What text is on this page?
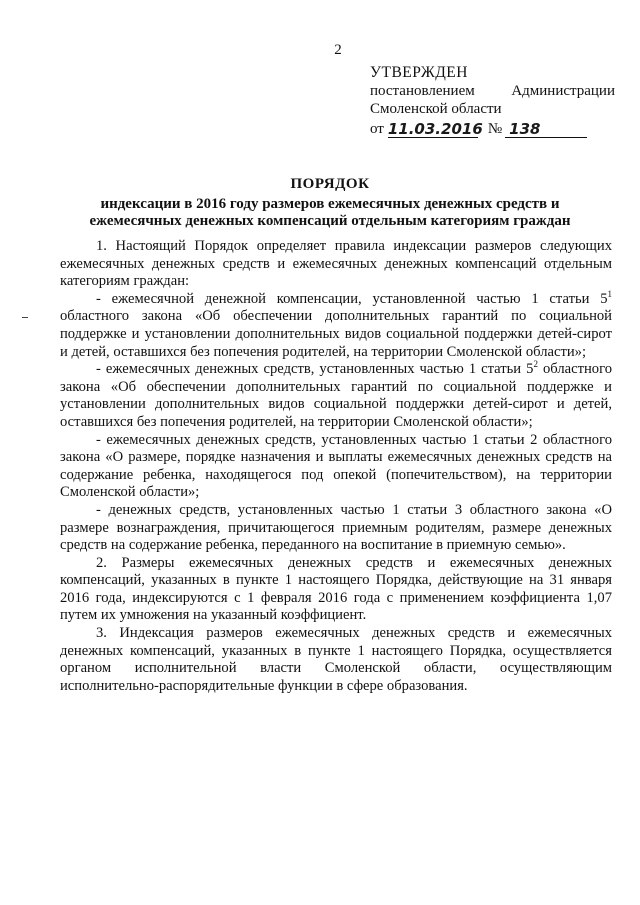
2
УТВЕРЖДЕН
постановлением Администрации
Смоленской области
от 11.03.2016 № 138
ПОРЯДОК
индексации в 2016 году размеров ежемесячных денежных средств и ежемесячных денежных компенсаций отдельным категориям граждан

1. Настоящий Порядок определяет правила индексации размеров следующих ежемесячных денежных средств и ежемесячных денежных компенсаций отдельным категориям граждан:

- ежемесячной денежной компенсации, установленной частью 1 статьи $5^1$ областного закона «Об обеспечении дополнительных гарантий по социальной поддержке и установлении дополнительных видов социальной поддержки детей-сирот и детей, оставшихся без попечения родителей, на территории Смоленской области»;

- ежемесячных денежных средств, установленных частью 1 статьи $5^2$ областного закона «Об обеспечении дополнительных гарантий по социальной поддержке и установлении дополнительных видов социальной поддержки детей-сирот и детей, оставшихся без попечения родителей, на территории Смоленской области»;

- ежемесячных денежных средств, установленных частью 1 статьи 2 областного закона «О размере, порядке назначения и выплаты ежемесячных денежных средств на содержание ребенка, находящегося под опекой (попечительством), на территории Смоленской области»;

- денежных средств, установленных частью 1 статьи 3 областного закона «О размере вознаграждения, причитающегося приемным родителям, размере денежных средств на содержание ребенка, переданного на воспитание в приемную семью».

2. Размеры ежемесячных денежных средств и ежемесячных денежных компенсаций, указанных в пункте 1 настоящего Порядка, действующие на 31 января 2016 года, индексируются с 1 февраля 2016 года с применением коэффициента 1,07 путем их умножения на указанный коэффициент.

3. Индексация размеров ежемесячных денежных средств и ежемесячных денежных компенсаций, указанных в пункте 1 настоящего Порядка, осуществляется органом исполнительной власти Смоленской области, осуществляющим исполнительно-распорядительные функции в сфере образования.
